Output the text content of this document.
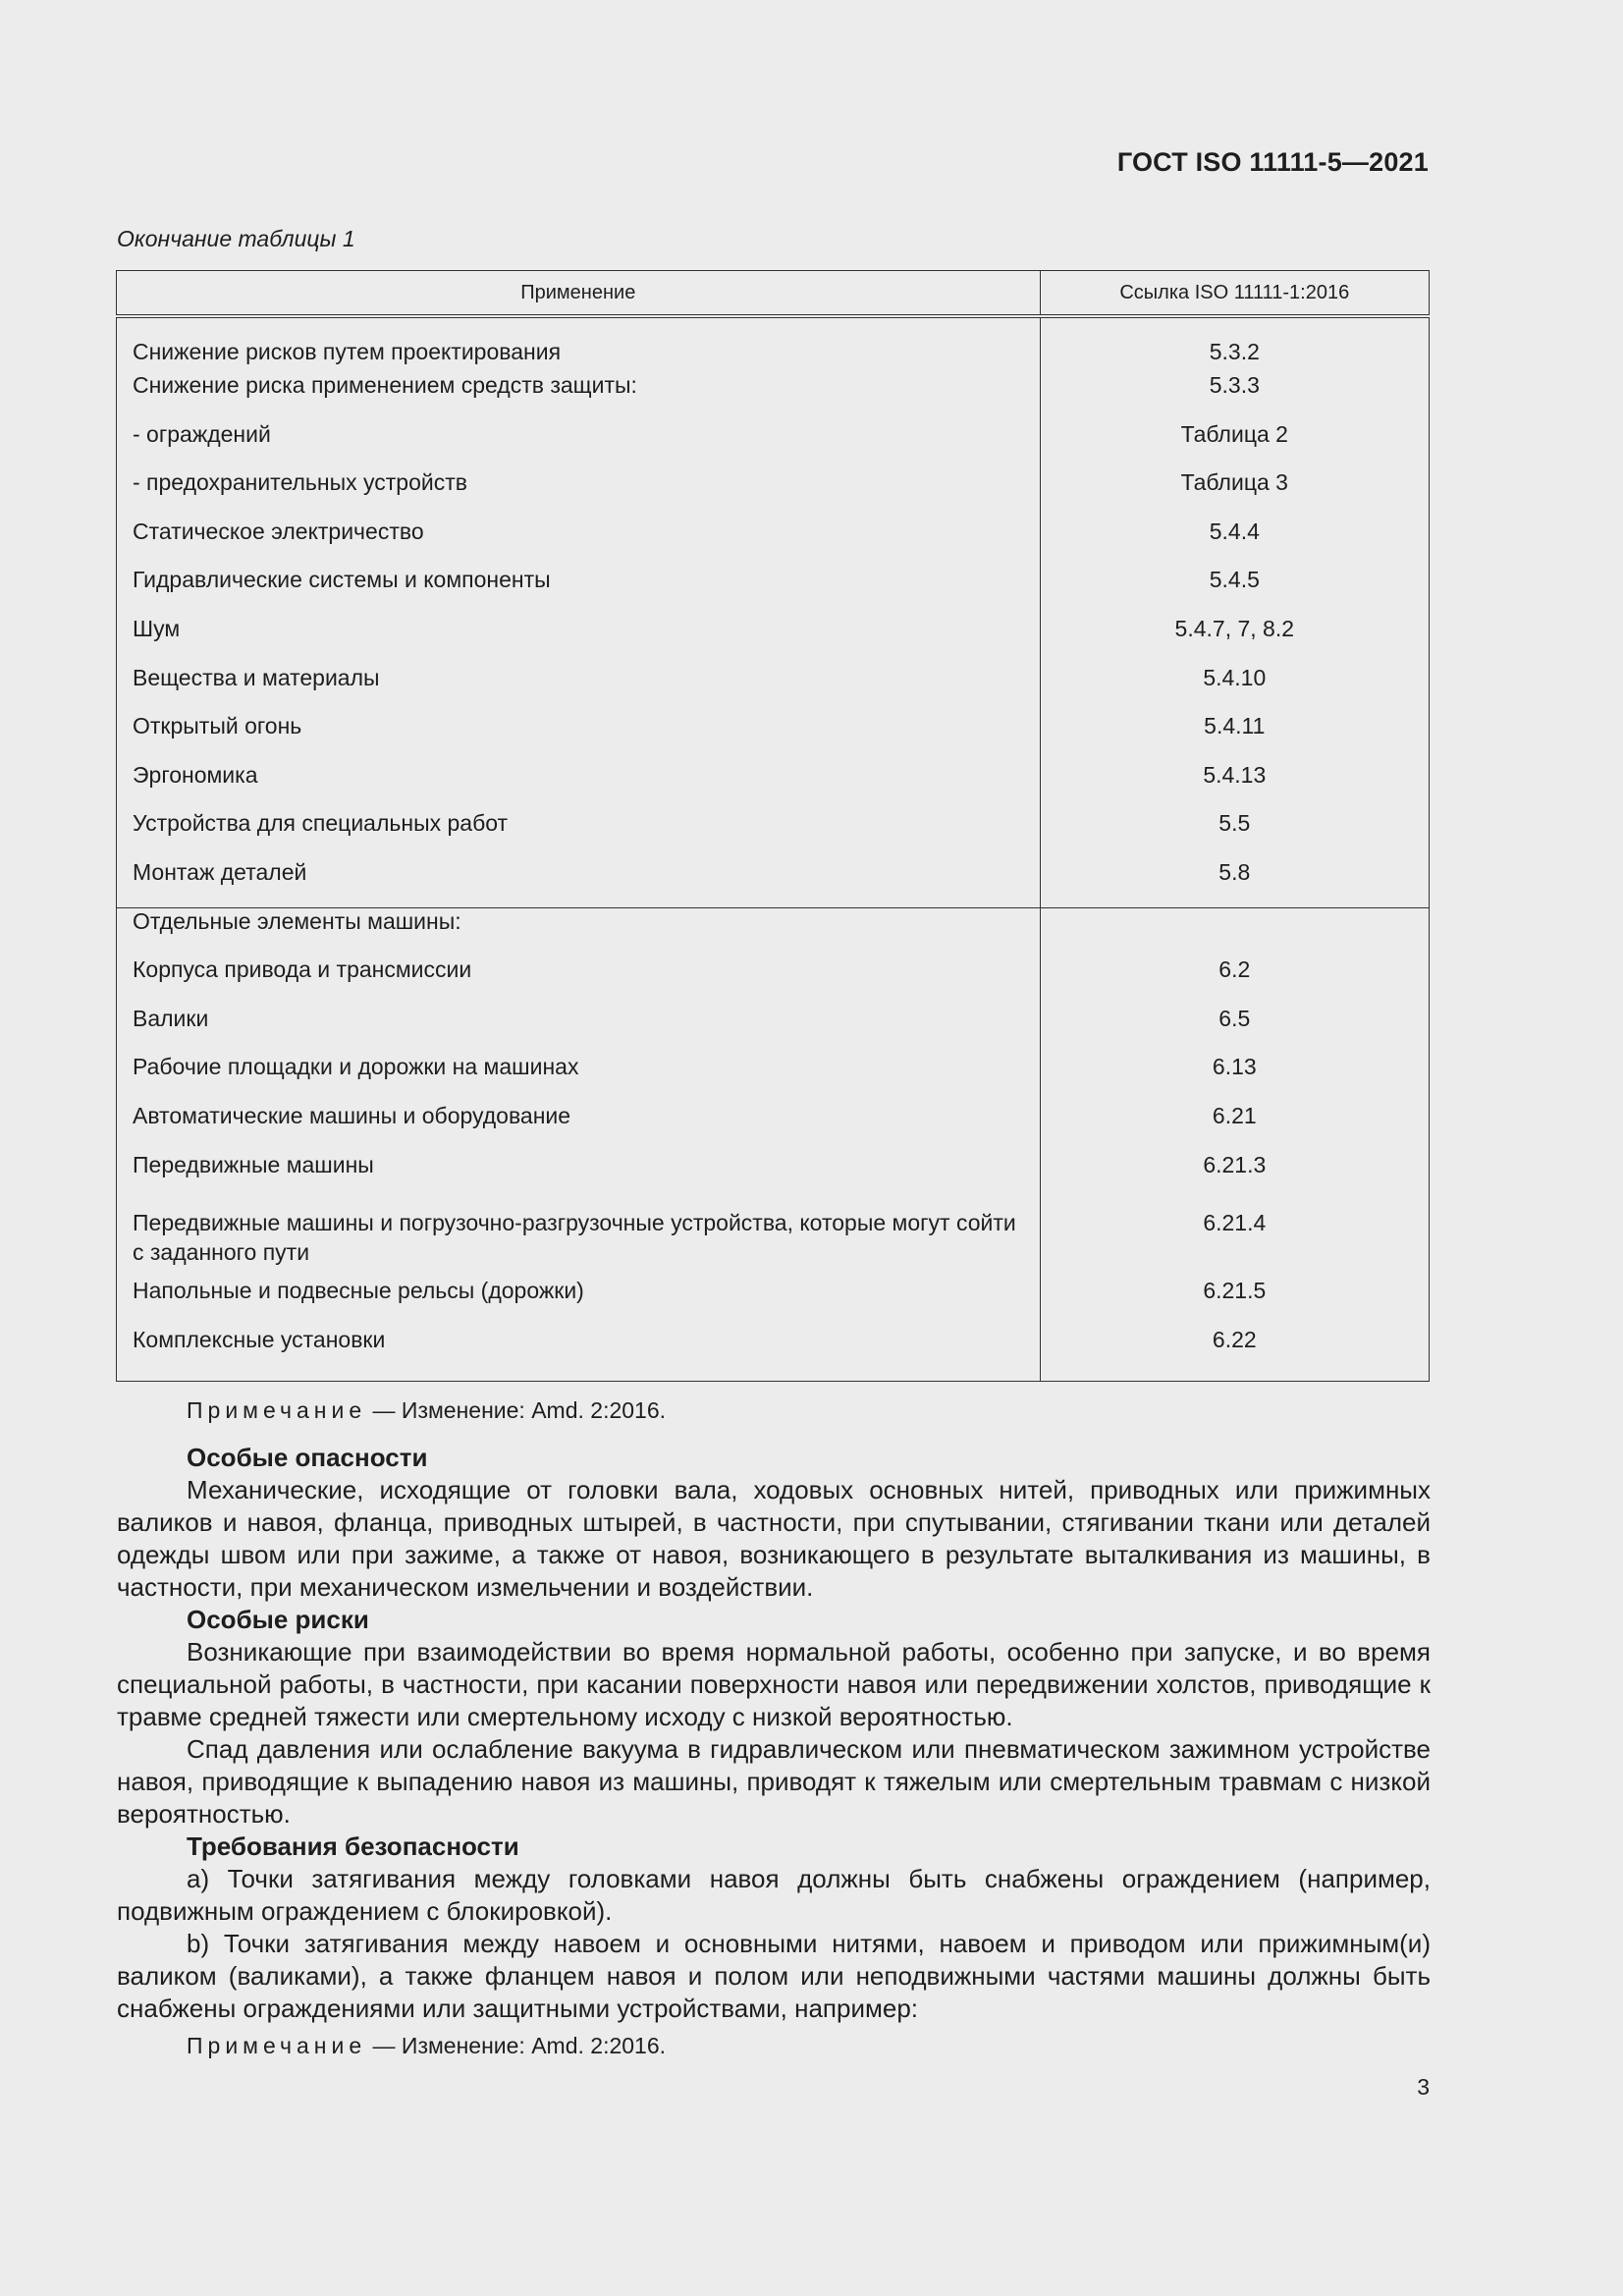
ГОСТ ISO 11111-5—2021
Окончание таблицы 1
Применение	Ссылка ISO 11111-1:2016
Снижение рисков путем проектирования	5.3.2
Снижение риска применением средств защиты:	5.3.3
- ограждений	Таблица 2
- предохранительных устройств	Таблица 3
Статическое электричество	5.4.4
Гидравлические системы и компоненты	5.4.5
Шум	5.4.7, 7, 8.2
Вещества и материалы	5.4.10
Открытый огонь	5.4.11
Эргономика	5.4.13
Устройства для специальных работ	5.5
Монтаж деталей	5.8
Отдельные элементы машины:	
Корпуса привода и трансмиссии	6.2
Валики	6.5
Рабочие площадки и дорожки на машинах	6.13
Автоматические машины и оборудование	6.21
Передвижные машины	6.21.3
Передвижные машины и погрузочно-разгрузочные устройства, которые могут сойти с заданного пути	6.21.4
Напольные и подвесные рельсы (дорожки)	6.21.5
Комплексные установки	6.22
Примечание — Изменение: Amd. 2:2016.
Особые опасности

Механические, исходящие от головки вала, ходовых основных нитей, приводных или прижимных валиков и навоя, фланца, приводных штырей, в частности, при спутывании, стягивании ткани или деталей одежды швом или при зажиме, а также от навоя, возникающего в результате выталкивания из машины, в частности, при механическом измельчении и воздействии.

Особые риски

Возникающие при взаимодействии во время нормальной работы, особенно при запуске, и во время специальной работы, в частности, при касании поверхности навоя или передвижении холстов, приводящие к травме средней тяжести или смертельному исходу с низкой вероятностью.

Спад давления или ослабление вакуума в гидравлическом или пневматическом зажимном устройстве навоя, приводящие к выпадению навоя из машины, приводят к тяжелым или смертельным травмам с низкой вероятностью.

Требования безопасности

a) Точки затягивания между головками навоя должны быть снабжены ограждением (например, подвижным ограждением с блокировкой).

b) Точки затягивания между навоем и основными нитями, навоем и приводом или прижимным(и) валиком (валиками), а также фланцем навоя и полом или неподвижными частями машины должны быть снабжены ограждениями или защитными устройствами, например:

Примечание — Изменение: Amd. 2:2016.
3
